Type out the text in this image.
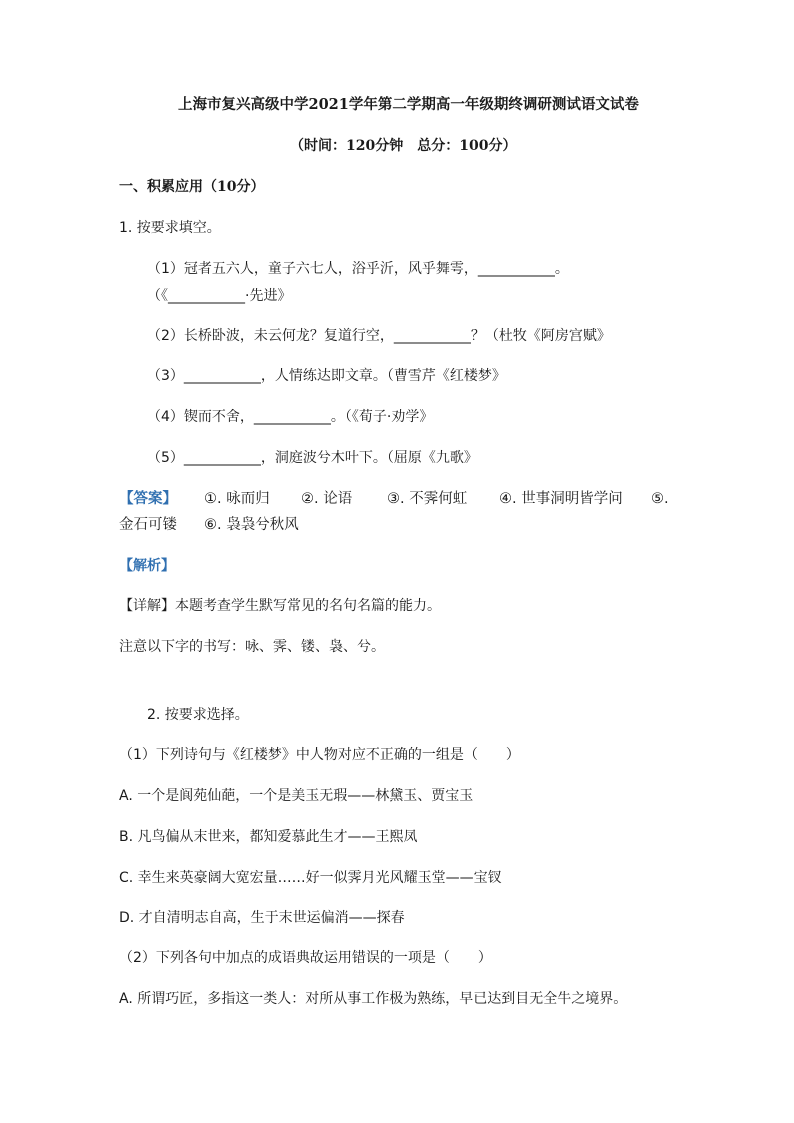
上海市复兴高级中学2021学年第二学期高一年级期终调研测试语文试卷
（时间：120分钟　总分：100分）
一、积累应用（10分）
1. 按要求填空。
（1）冠者五六人，童子六七人，浴乎沂，风乎舞雩，___________。
（《___________·先进》
（2）长桥卧波，未云何龙？复道行空，___________？（杜牧《阿房宫赋》
（3）___________，人情练达即文章。（曹雪芹《红楼梦》
（4）锲而不舍，___________。（《荀子·劝学》
（5）___________，洞庭波兮木叶下。（屈原《九歌》
【答案】 ①. 咏而归 ②. 论语 ③. 不霁何虹 ④. 世事洞明皆学问 ⑤.
金石可镂 ⑥. 袅袅兮秋风
【解析】
【详解】本题考查学生默写常见的名句名篇的能力。
注意以下字的书写：咏、霁、镂、袅、兮。
2. 按要求选择。
（1）下列诗句与《红楼梦》中人物对应不正确的一组是（　　）
A. 一个是阆苑仙葩，一个是美玉无瑕——林黛玉、贾宝玉
B. 凡鸟偏从末世来，都知爱慕此生才——王熙凤
C. 幸生来英豪阔大宽宏量……好一似霁月光风耀玉堂——宝钗
D. 才自清明志自高，生于末世运偏消——探春
（2）下列各句中加点的成语典故运用错误的一项是（　　）
A. 所谓巧匠，多指这一类人：对所从事工作极为熟练，早已达到目无全牛之境界。
